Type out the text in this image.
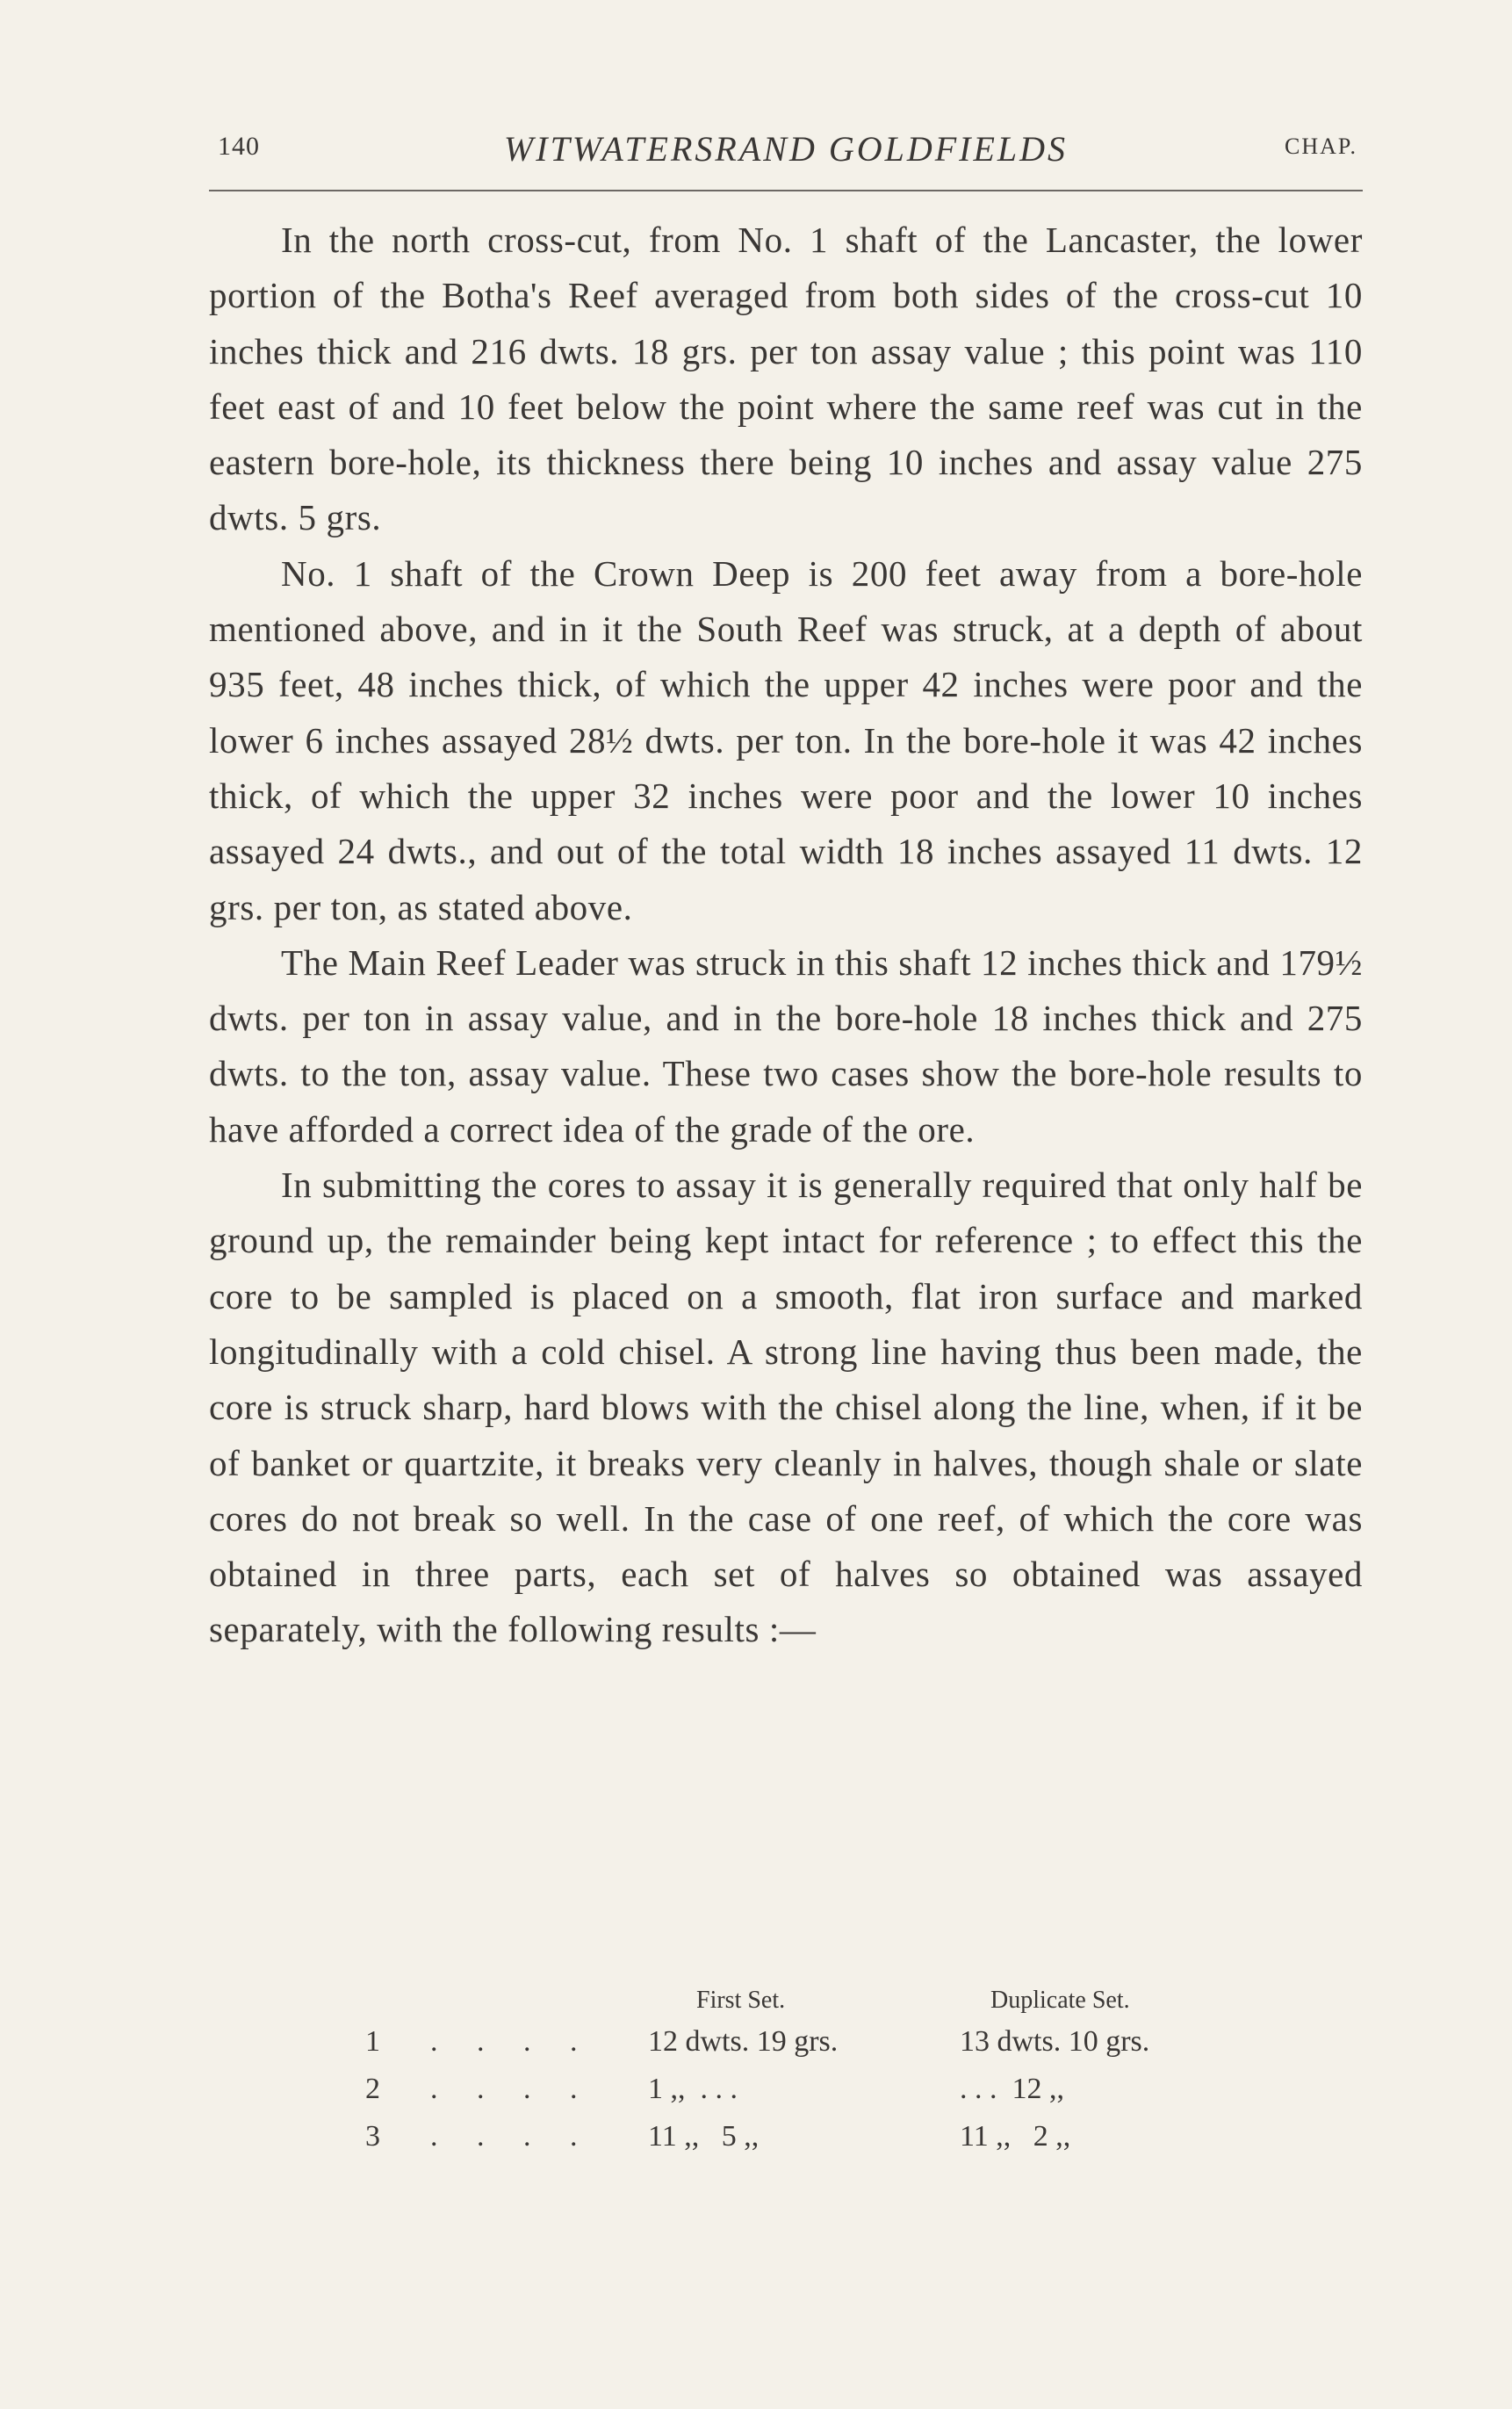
140	WITWATERSRAND GOLDFIELDS	CHAP.

In the north cross-cut, from No. 1 shaft of the Lancaster, the lower portion of the Botha's Reef averaged from both sides of the cross-cut 10 inches thick and 216 dwts. 18 grs. per ton assay value ; this point was 110 feet east of and 10 feet below the point where the same reef was cut in the eastern bore-hole, its thickness there being 10 inches and assay value 275 dwts. 5 grs.

No. 1 shaft of the Crown Deep is 200 feet away from a bore-hole mentioned above, and in it the South Reef was struck, at a depth of about 935 feet, 48 inches thick, of which the upper 42 inches were poor and the lower 6 inches assayed 28½ dwts. per ton. In the bore-hole it was 42 inches thick, of which the upper 32 inches were poor and the lower 10 inches assayed 24 dwts., and out of the total width 18 inches assayed 11 dwts. 12 grs. per ton, as stated above.

The Main Reef Leader was struck in this shaft 12 inches thick and 179½ dwts. per ton in assay value, and in the bore-hole 18 inches thick and 275 dwts. to the ton, assay value. These two cases show the bore-hole results to have afforded a correct idea of the grade of the ore.

In submitting the cores to assay it is generally required that only half be ground up, the remainder being kept intact for reference ; to effect this the core to be sampled is placed on a smooth, flat iron surface and marked longitudinally with a cold chisel. A strong line having thus been made, the core is struck sharp, hard blows with the chisel along the line, when, if it be of banket or quartzite, it breaks very cleanly in halves, though shale or slate cores do not break so well. In the case of one reef, of which the core was obtained in three parts, each set of halves so obtained was assayed separately, with the following results :—

First Set.	Duplicate Set.
1 . . . . 12 dwts. 19 grs.	13 dwts. 10 grs.
2 . . . . 1 ,,  . . .	. . .  12 ,,
3 . . . . 11 ,,   5 ,,	11 ,,   2 ,,
